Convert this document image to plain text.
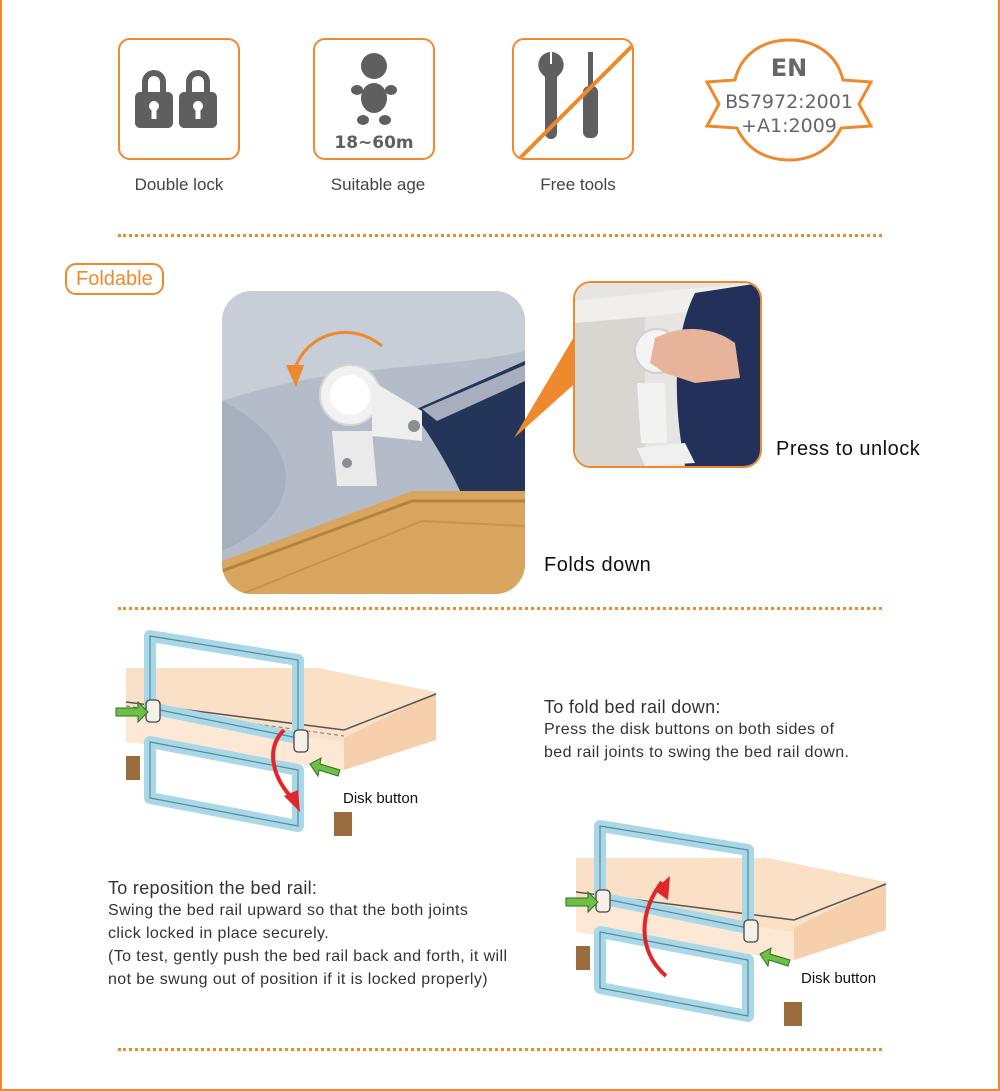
Double lock
18~60m
Suitable age	Free tools
EN
BS7972:2001
+A1:2009
Foldable
Press to unlock
Folds down
Disk button
To fold bed rail down:
Press the disk buttons on both sides of
bed rail joints to swing the bed rail down.
Disk button
To reposition the bed rail:
Swing the bed rail upward so that the both joints
click locked in place securely.
(To test, gently push the bed rail back and forth, it will
not be swung out of position if it is locked properly)
